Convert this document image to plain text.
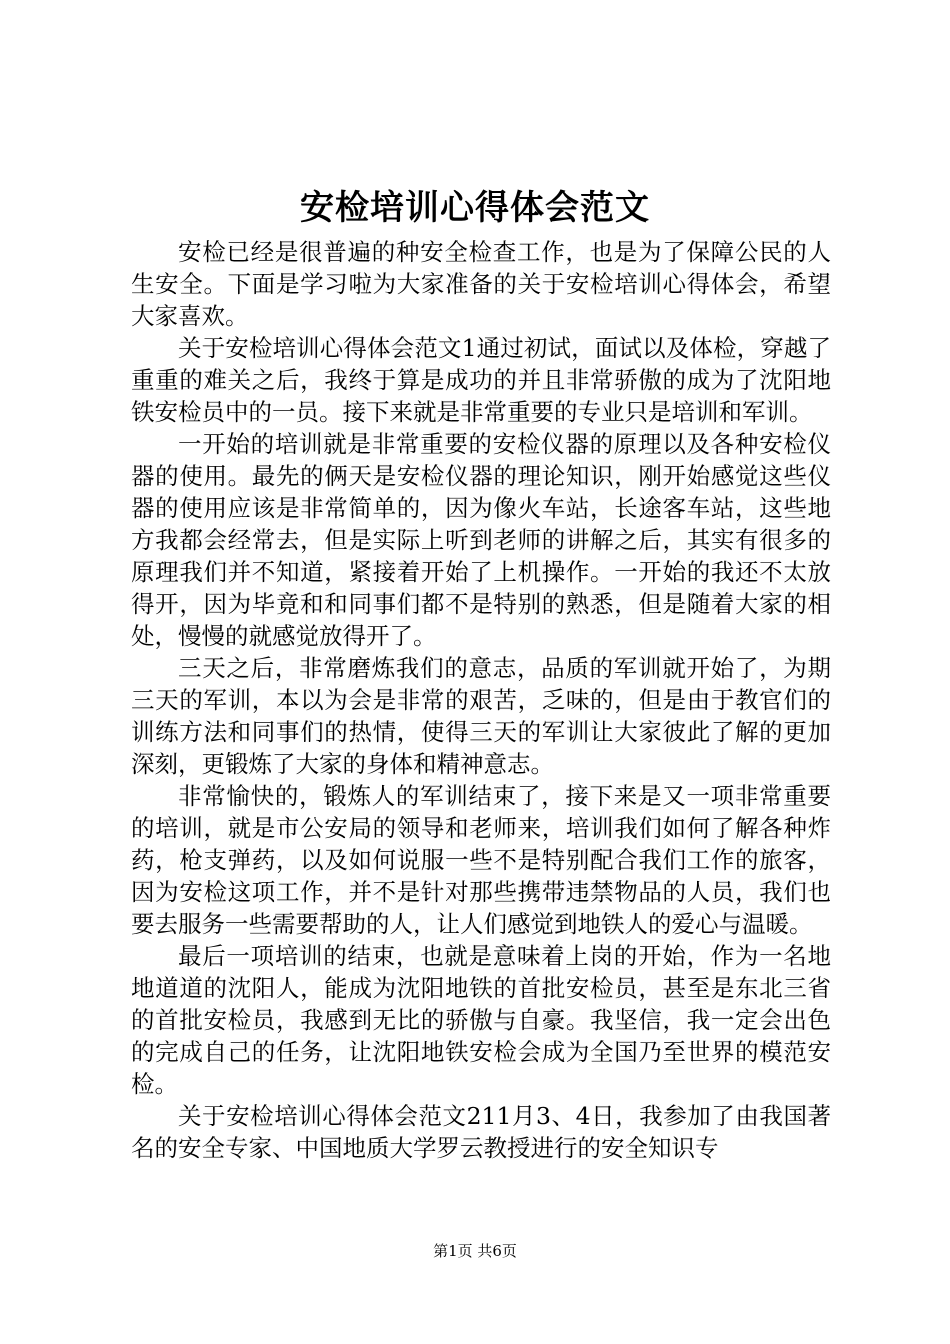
安检培训心得体会范文

安检已经是很普遍的种安全检查工作，也是为了保障公民的人生安全。下面是学习啦为大家准备的关于安检培训心得体会，希望大家喜欢。

关于安检培训心得体会范文1通过初试，面试以及体检，穿越了重重的难关之后，我终于算是成功的并且非常骄傲的成为了沈阳地铁安检员中的一员。接下来就是非常重要的专业只是培训和军训。

一开始的培训就是非常重要的安检仪器的原理以及各种安检仪器的使用。最先的俩天是安检仪器的理论知识，刚开始感觉这些仪器的使用应该是非常简单的，因为像火车站，长途客车站，这些地方我都会经常去，但是实际上听到老师的讲解之后，其实有很多的原理我们并不知道，紧接着开始了上机操作。一开始的我还不太放得开，因为毕竟和和同事们都不是特别的熟悉，但是随着大家的相处，慢慢的就感觉放得开了。

三天之后，非常磨炼我们的意志，品质的军训就开始了，为期三天的军训，本以为会是非常的艰苦，乏味的，但是由于教官们的训练方法和同事们的热情，使得三天的军训让大家彼此了解的更加深刻，更锻炼了大家的身体和精神意志。

非常愉快的，锻炼人的军训结束了，接下来是又一项非常重要的培训，就是市公安局的领导和老师来，培训我们如何了解各种炸药，枪支弹药，以及如何说服一些不是特别配合我们工作的旅客，因为安检这项工作，并不是针对那些携带违禁物品的人员，我们也要去服务一些需要帮助的人，让人们感觉到地铁人的爱心与温暖。

最后一项培训的结束，也就是意味着上岗的开始，作为一名地地道道的沈阳人，能成为沈阳地铁的首批安检员，甚至是东北三省的首批安检员，我感到无比的骄傲与自豪。我坚信，我一定会出色的完成自己的任务，让沈阳地铁安检会成为全国乃至世界的模范安检。

关于安检培训心得体会范文211月3、4日，我参加了由我国著名的安全专家、中国地质大学罗云教授进行的安全知识专

第1页 共6页
